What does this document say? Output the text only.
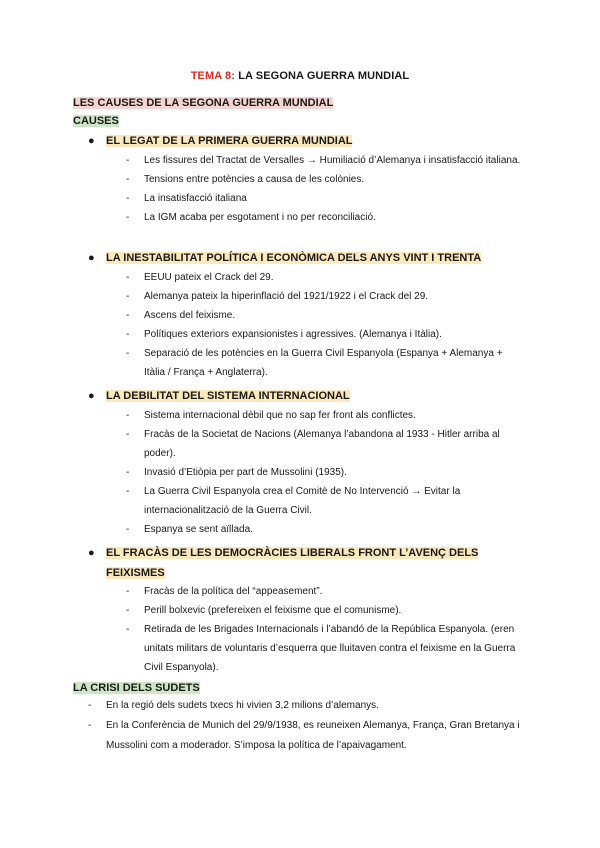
TEMA 8: LA SEGONA GUERRA MUNDIAL
LES CAUSES DE LA SEGONA GUERRA MUNDIAL
CAUSES
● EL LEGAT DE LA PRIMERA GUERRA MUNDIAL
- Les fissures del Tractat de Versalles → Humiliació d’Alemanya i insatisfacció italiana.
- Tensions entre potències a causa de les colònies.
- La insatisfacció italiana
- La IGM acaba per esgotament i no per reconciliació.
● LA INESTABILITAT POLÍTICA I ECONÒMICA DELS ANYS VINT I TRENTA
- EEUU pateix el Crack del 29.
- Alemanya pateix la hiperinflació del 1921/1922 i el Crack del 29.
- Ascens del feixisme.
- Polítiques exteriors expansionistes i agressives. (Alemanya i Itàlia).
- Separació de les potències en la Guerra Civil Espanyola (Espanya + Alemanya + Itàlia / França + Anglaterra).
● LA DEBILITAT DEL SISTEMA INTERNACIONAL
- Sistema internacional dèbil que no sap fer front als conflictes.
- Fracàs de la Societat de Nacions (Alemanya l’abandona al 1933 - Hitler arriba al poder).
- Invasió d’Etiòpia per part de Mussolini (1935).
- La Guerra Civil Espanyola crea el Comitè de No Intervenció → Evitar la internacionalització de la Guerra Civil.
- Espanya se sent aïllada.
● EL FRACÀS DE LES DEMOCRÀCIES LIBERALS FRONT L’AVENÇ DELS FEIXISMES
- Fracàs de la política del “appeasement”.
- Perill bolxevic (prefereixen el feixisme que el comunisme).
- Retirada de les Brigades Internacionals i l’abandó de la República Espanyola. (eren unitats militars de voluntaris d’esquerra que lluitaven contra el feixisme en la Guerra Civil Espanyola).
LA CRISI DELS SUDETS
- En la regió dels sudets txecs hi vivien 3,2 milions d’alemanys.
- En la Conferència de Munich del 29/9/1938, es reuneixen Alemanya, França, Gran Bretanya i Mussolini com a moderador. S’imposa la política de l’apaivagament.
